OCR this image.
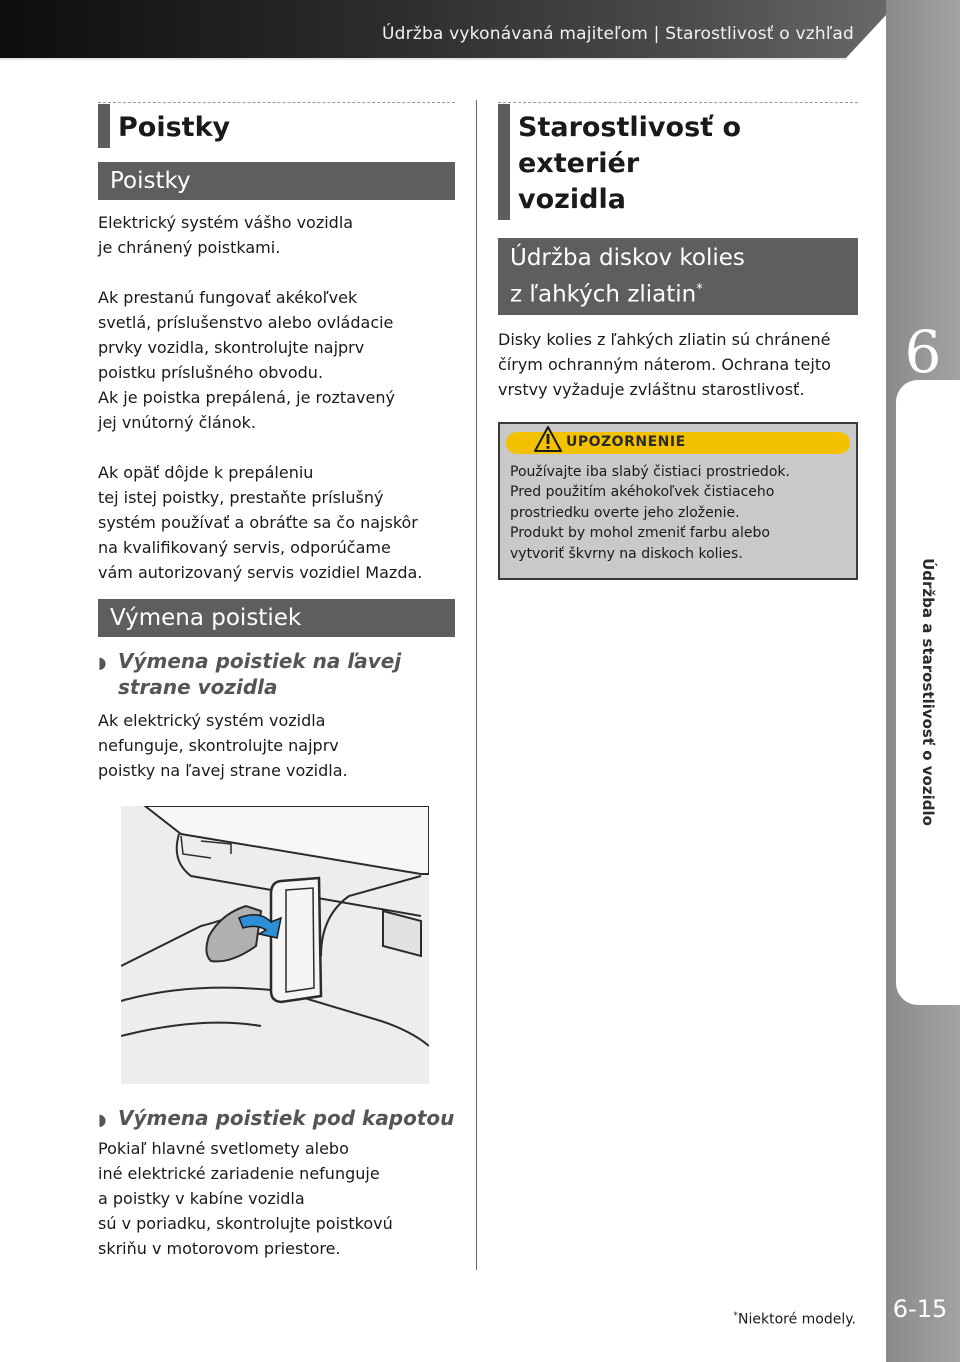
Údržba vykonávaná majiteľom | Starostlivosť o vzhľad
6
Údržba a starostlivosť o vozidlo
6-15
Poistky
Poistky

Elektrický systém vášho vozidla

je chránený poistkami.

Ak prestanú fungovať akékoľvek

svetlá, príslušenstvo alebo ovládacie

prvky vozidla, skontrolujte najprv

poistku príslušného obvodu.

Ak je poistka prepálená, je roztavený

jej vnútorný článok.

Ak opäť dôjde k prepáleniu

tej istej poistky, prestaňte príslušný

systém používať a obráťte sa čo najskôr

na kvalifikovaný servis, odporúčame

vám autorizovaný servis vozidiel Mazda.

Výmena poistiek

◗ Výmena poistiek na ľavej

strane vozidla

Ak elektrický systém vozidla

nefunguje, skontrolujte najprv

poistky na ľavej strane vozidla.

◗ Výmena poistiek pod kapotou

Pokiaľ hlavné svetlomety alebo

iné elektrické zariadenie nefunguje

a poistky v kabíne vozidla

sú v poriadku, skontrolujte poistkovú

skriňu v motorovom priestore.

Starostlivosť o exteriér
vozidla
Údržba diskov kolies
z ľahkých zliatin*

Disky kolies z ľahkých zliatin sú chránené

čírym ochranným náterom. Ochrana tejto

vrstvy vyžaduje zvláštnu starostlivosť.

UPOZORNENIE
Používajte iba slabý čistiaci prostriedok.
Pred použitím akéhokoľvek čistiaceho
prostriedku overte jeho zloženie.
Produkt by mohol zmeniť farbu alebo
vytvoriť škvrny na diskoch kolies.
*Niektoré modely.
